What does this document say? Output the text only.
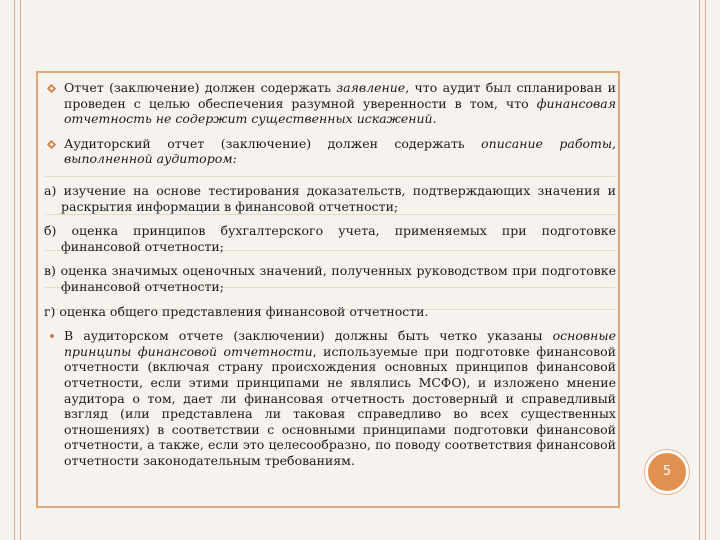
Отчет (заключение) должен содержать заявление, что аудит был спланирован и проведен с целью обеспечения разумной уверенности в том, что финансовая отчетность не содержит существенных искажений.

Аудиторский отчет (заключение) должен содержать описание работы, выполненной аудитором:

а) изучение на основе тестирования доказательств, подтверждающих значения и раскрытия информации в финансовой отчетности;

б) оценка принципов бухгалтерского учета, применяемых при подготовке финансовой отчетности;

в) оценка значимых оценочных значений, полученных руководством при подготовке финансовой отчетности;

г) оценка общего представления финансовой отчетности.

В аудиторском отчете (заключении) должны быть четко указаны основные принципы финансовой отчетности, используемые при подготовке финансовой отчетности (включая страну происхождения основных принципов финансовой отчетности, если этими принципами не являлись МСФО), и изложено мнение аудитора о том, дает ли финансовая отчетность достоверный и справедливый взгляд (или представлена ли таковая справедливо во всех существенных отношениях) в соответствии с основными принципами подготовки финансовой отчетности, а также, если это целесообразно, по поводу соответствия финансовой отчетности законодательным требованиям.

5
